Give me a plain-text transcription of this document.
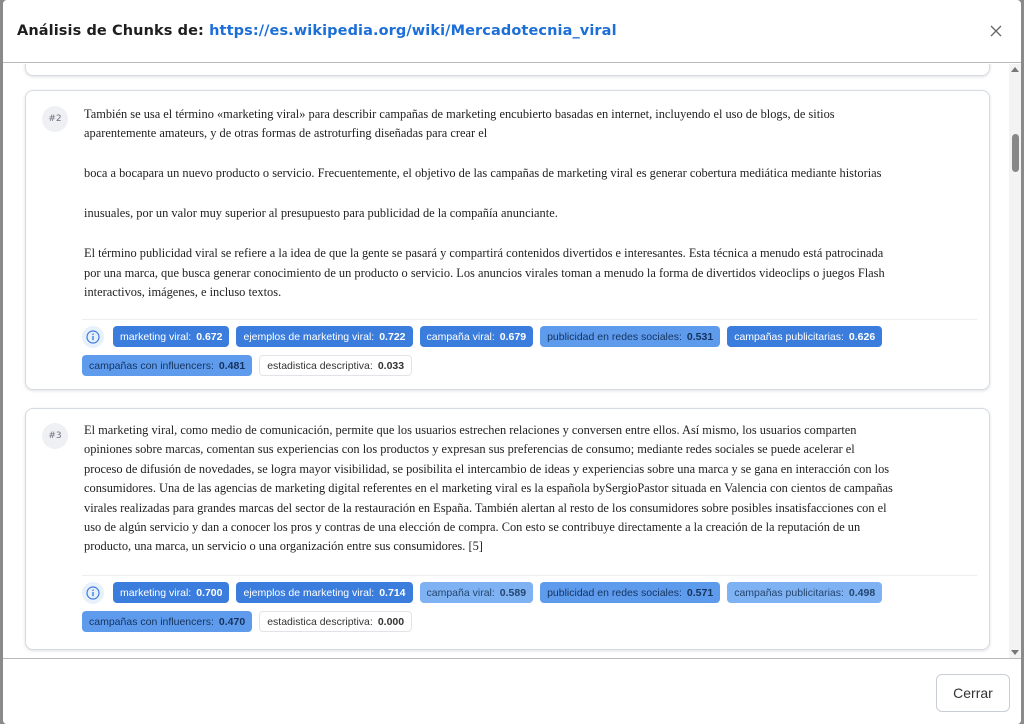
Análisis de Chunks de: https://es.wikipedia.org/wiki/Mercadotecnia_viral
#2	También se usa el término «marketing viral» para describir campañas de marketing encubierto basadas en internet, incluyendo el uso de blogs, de sitios

aparentemente amateurs, y de otras formas de astroturfing diseñadas para crear el

boca a bocapara un nuevo producto o servicio. Frecuentemente, el objetivo de las campañas de marketing viral es generar cobertura mediática mediante historias

inusuales, por un valor muy superior al presupuesto para publicidad de la compañía anunciante.

El término publicidad viral se refiere a la idea de que la gente se pasará y compartirá contenidos divertidos e interesantes. Esta técnica a menudo está patrocinada

por una marca, que busca generar conocimiento de un producto o servicio. Los anuncios virales toman a menudo la forma de divertidos videoclips o juegos Flash

interactivos, imágenes, e incluso textos.

marketing viral: 0.672 ejemplos de marketing viral: 0.722 campaña viral: 0.679 publicidad en redes sociales: 0.531 campañas publicitarias: 0.626
campañas con influencers: 0.481 estadistica descriptiva: 0.033
#3	El marketing viral, como medio de comunicación, permite que los usuarios estrechen relaciones y conversen entre ellos. Así mismo, los usuarios comparten

opiniones sobre marcas, comentan sus experiencias con los productos y expresan sus preferencias de consumo; mediante redes sociales se puede acelerar el

proceso de difusión de novedades, se logra mayor visibilidad, se posibilita el intercambio de ideas y experiencias sobre una marca y se gana en interacción con los

consumidores. Una de las agencias de marketing digital referentes en el marketing viral es la española bySergioPastor situada en Valencia con cientos de campañas

virales realizadas para grandes marcas del sector de la restauración en España. También alertan al resto de los consumidores sobre posibles insatisfacciones con el

uso de algún servicio y dan a conocer los pros y contras de una elección de compra. Con esto se contribuye directamente a la creación de la reputación de un

producto, una marca, un servicio o una organización entre sus consumidores. [5]

marketing viral: 0.700 ejemplos de marketing viral: 0.714 campaña viral: 0.589 publicidad en redes sociales: 0.571 campañas publicitarias: 0.498
campañas con influencers: 0.470 estadistica descriptiva: 0.000
Cerrar
